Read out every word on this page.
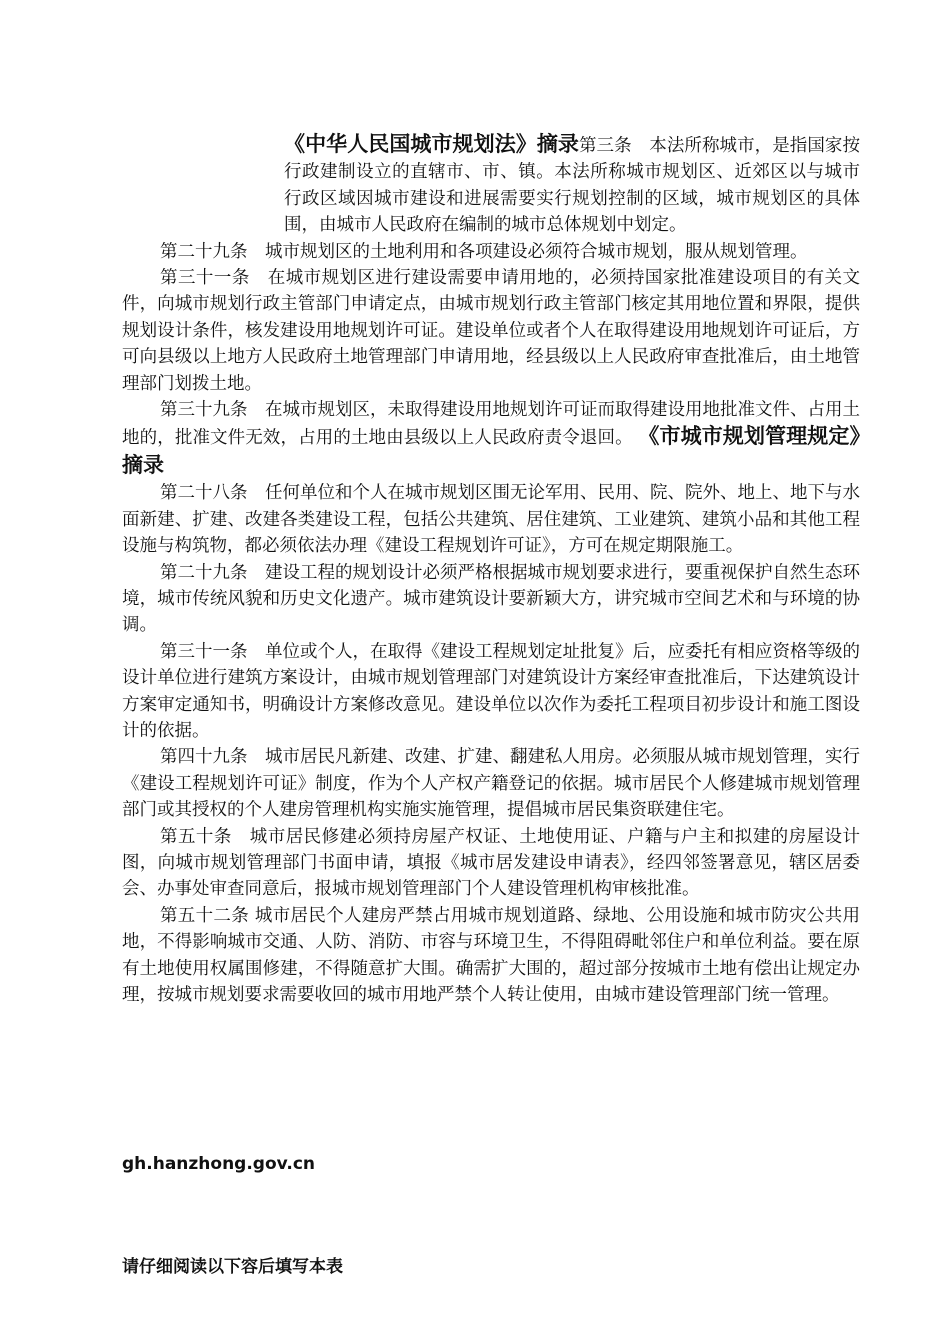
《中华人民国城市规划法》摘录第三条　本法所称城市，是指国家按行政建制设立的直辖市、市、镇。本法所称城市规划区、近郊区以与城市行政区域因城市建设和进展需要实行规划控制的区域，城市规划区的具体围，由城市人民政府在编制的城市总体规划中划定。

第二十九条　城市规划区的土地利用和各项建设必须符合城市规划，服从规划管理。

第三十一条　在城市规划区进行建设需要申请用地的，必须持国家批准建设项目的有关文件，向城市规划行政主管部门申请定点，由城市规划行政主管部门核定其用地位置和界限，提供规划设计条件，核发建设用地规划许可证。建设单位或者个人在取得建设用地规划许可证后，方可向县级以上地方人民政府土地管理部门申请用地，经县级以上人民政府审查批准后，由土地管理部门划拨土地。

第三十九条　在城市规划区，未取得建设用地规划许可证而取得建设用地批准文件、占用土地的，批准文件无效，占用的土地由县级以上人民政府责令退回。 《市城市规划管理规定》摘录

第二十八条　任何单位和个人在城市规划区围无论军用、民用、院、院外、地上、地下与水面新建、扩建、改建各类建设工程，包括公共建筑、居住建筑、工业建筑、建筑小品和其他工程设施与构筑物，都必须依法办理《建设工程规划许可证》，方可在规定期限施工。

第二十九条　建设工程的规划设计必须严格根据城市规划要求进行，要重视保护自然生态环境，城市传统风貌和历史文化遗产。城市建筑设计要新颖大方，讲究城市空间艺术和与环境的协调。

第三十一条　单位或个人，在取得《建设工程规划定址批复》后，应委托有相应资格等级的设计单位进行建筑方案设计，由城市规划管理部门对建筑设计方案经审查批准后，下达建筑设计方案审定通知书，明确设计方案修改意见。建设单位以次作为委托工程项目初步设计和施工图设计的依据。

第四十九条　城市居民凡新建、改建、扩建、翻建私人用房。必须服从城市规划管理，实行《建设工程规划许可证》制度，作为个人产权产籍登记的依据。城市居民个人修建城市规划管理部门或其授权的个人建房管理机构实施实施管理，提倡城市居民集资联建住宅。

第五十条　城市居民修建必须持房屋产权证、土地使用证、户籍与户主和拟建的房屋设计图，向城市规划管理部门书面申请，填报《城市居发建设申请表》，经四邻签署意见，辖区居委会、办事处审查同意后，报城市规划管理部门个人建设管理机构审核批准。

第五十二条 城市居民个人建房严禁占用城市规划道路、绿地、公用设施和城市防灾公共用地，不得影响城市交通、人防、消防、市容与环境卫生，不得阻碍毗邻住户和单位利益。要在原有土地使用权属围修建，不得随意扩大围。确需扩大围的，超过部分按城市土地有偿出让规定办理，按城市规划要求需要收回的城市用地严禁个人转让使用，由城市建设管理部门统一管理。

gh.hanzhong.gov.cn
请仔细阅读以下容后填写本表
